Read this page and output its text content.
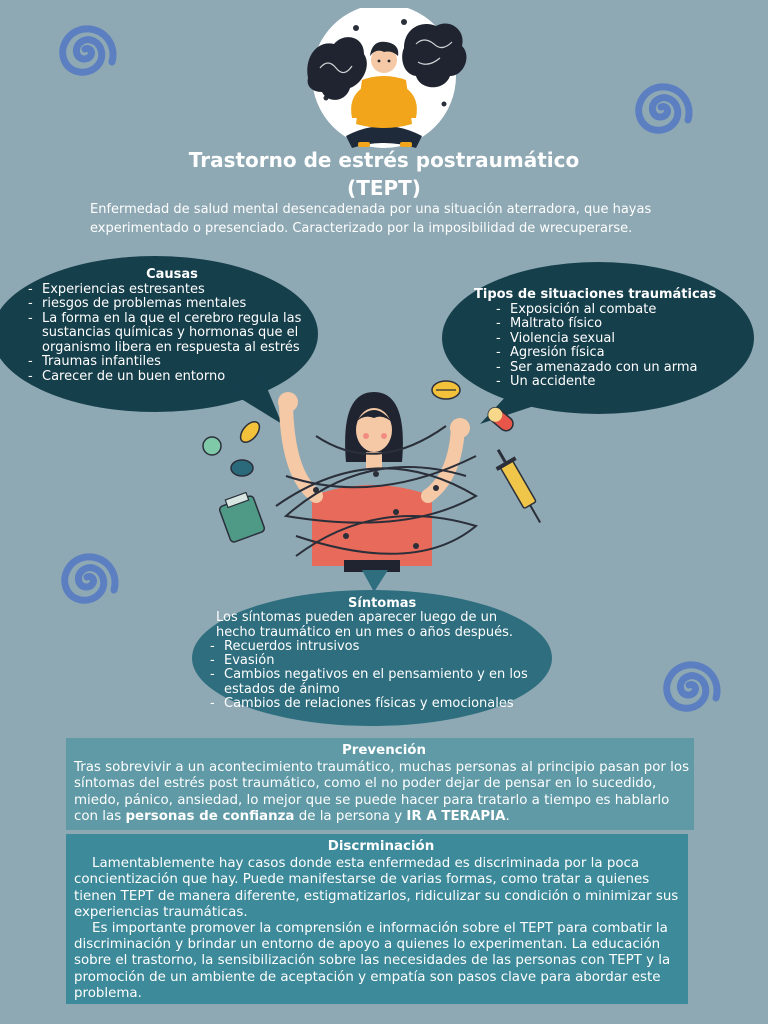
Trastorno de estrés postraumático
(TEPT)
Enfermedad de salud mental desencadenada por una situación aterradora, que hayas experimentado o presenciado. Caracterizado por la imposibilidad de wrecuperarse.
Causas
- Experiencias estresantes
- riesgos de problemas mentales
- La forma en la que el cerebro regula las sustancias químicas y hormonas que el organismo libera en respuesta al estrés
- Traumas infantiles
- Carecer de un buen entorno
Tipos de situaciones traumáticas
- Exposición al combate
- Maltrato físico
- Violencia sexual
- Agresión física
- Ser amenazado con un arma
- Un accidente
Síntomas
Los síntomas pueden aparecer luego de un hecho traumático en un mes o años después.
- Recuerdos intrusivos
- Evasión
- Cambios negativos en el pensamiento y en los estados de ánimo
- Cambios de relaciones físicas y emocionales
Prevención

Tras sobrevivir a un acontecimiento traumático, muchas personas al principio pasan por los síntomas del estrés post traumático, como el no poder dejar de pensar en lo sucedido, miedo, pánico, ansiedad, lo mejor que se puede hacer para tratarlo a tiempo es hablarlo con las personas de confianza de la persona y IR A TERAPIA.

Discrminación

Lamentablemente hay casos donde esta enfermedad es discriminada por la poca concientización que hay. Puede manifestarse de varias formas, como tratar a quienes tienen TEPT de manera diferente, estigmatizarlos, ridiculizar su condición o minimizar sus experiencias traumáticas.

Es importante promover la comprensión e información sobre el TEPT para combatir la discriminación y brindar un entorno de apoyo a quienes lo experimentan. La educación sobre el trastorno, la sensibilización sobre las necesidades de las personas con TEPT y la promoción de un ambiente de aceptación y empatía son pasos clave para abordar este problema.
